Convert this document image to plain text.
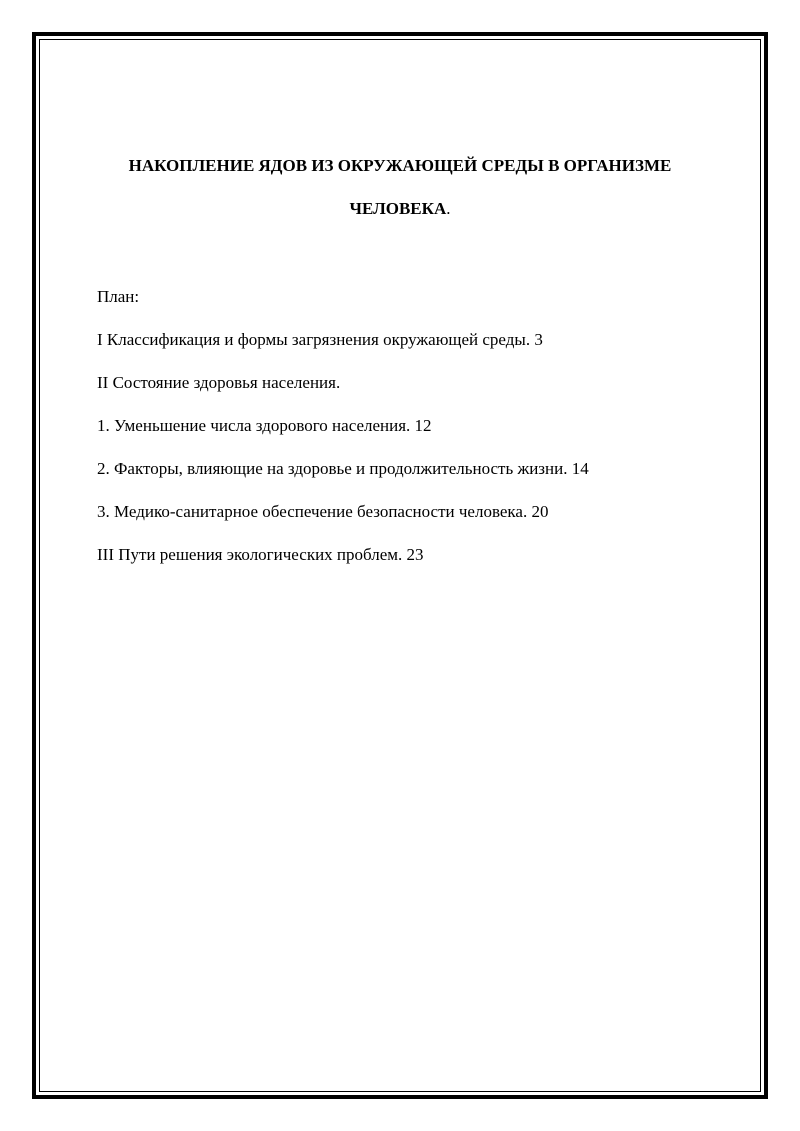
НАКОПЛЕНИЕ ЯДОВ ИЗ ОКРУЖАЮЩЕЙ СРЕДЫ В ОРГАНИЗМЕ
ЧЕЛОВЕКА.
План:
I Классификация и формы загрязнения окружающей среды. 3
II Состояние здоровья населения.
1. Уменьшение числа здорового населения. 12
2. Факторы, влияющие на здоровье и продолжительность жизни. 14
3. Медико-санитарное обеспечение безопасности человека. 20
III Пути решения экологических проблем. 23
